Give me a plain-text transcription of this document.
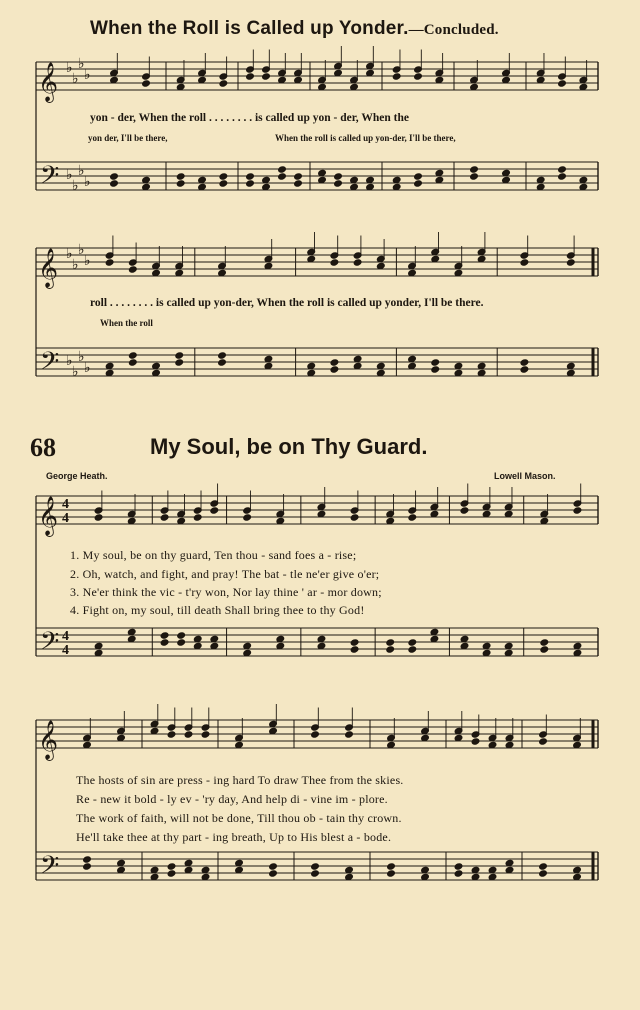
When the Roll is Called up Yonder.—Concluded.
68	My Soul, be on Thy Guard.
George Heath.	Lowell Mason.
𝄞
𝄢
♭
♭
♭
♭
♭
♭
♭
♭
𝄞
𝄢
♭
♭
♭
♭
♭
♭
♭
♭
𝄞
𝄢
4
4
4
4
𝄞
𝄢
yon - der, When the roll . . . . . . . . is called up yon - der, When the
yon der, I'll be there,	When the roll is called up yon-der, I'll be there,
roll . . . . . . . . is called up yon-der, When the roll is called up yonder, I'll be there.
When the roll
1. My soul, be on thy guard, Ten thou - sand foes a - rise;
2. Oh, watch, and fight, and pray! The bat - tle ne'er give o'er;
3. Ne'er think the vic - t'ry won, Nor lay thine ' ar - mor down;
4. Fight on, my soul, till death Shall bring thee to thy God!
The hosts of sin are press - ing hard To draw Thee from the skies.
Re - new it bold - ly ev - 'ry day, And help di - vine im - plore.
The work of faith, will not be done, Till thou ob - tain thy crown.
He'll take thee at thy part - ing breath, Up to His blest a - bode.
